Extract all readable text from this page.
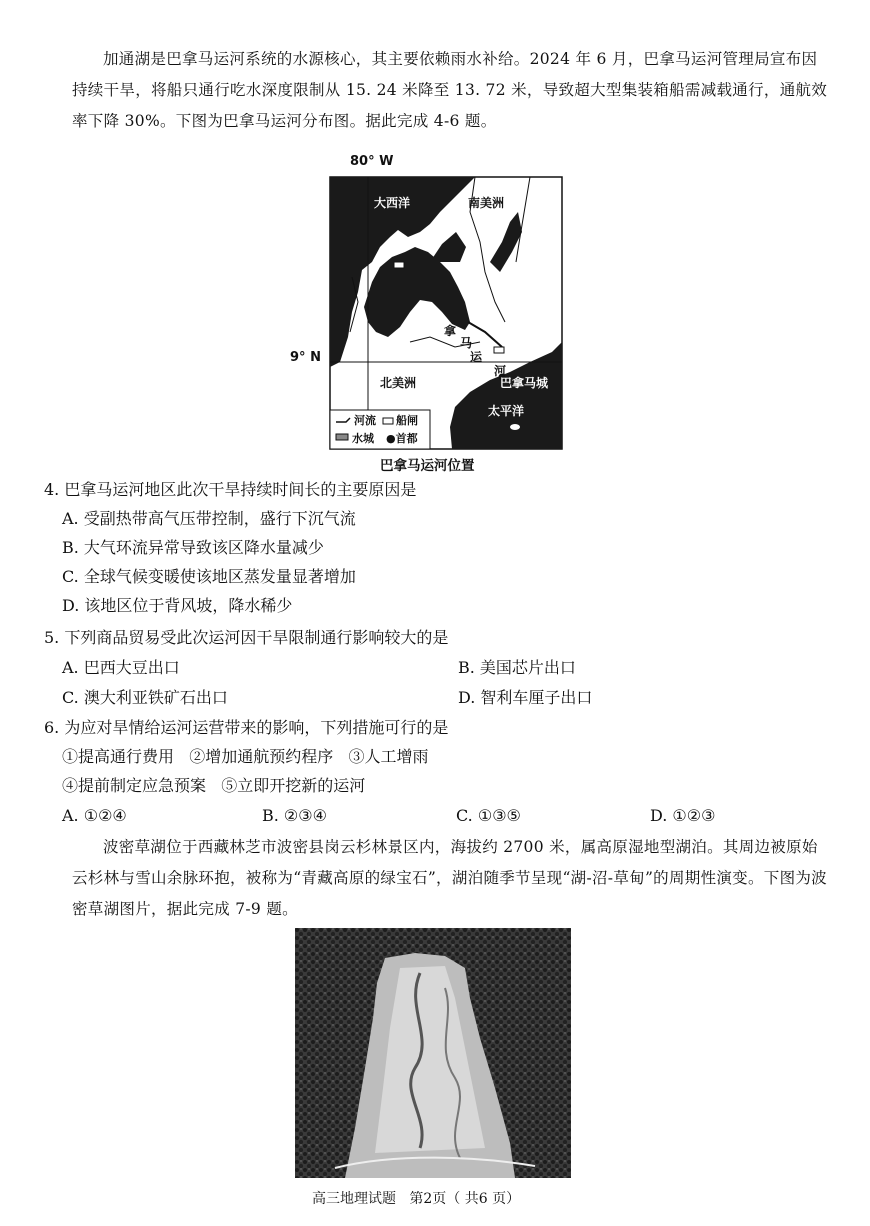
加通湖是巴拿马运河系统的水源核心，其主要依赖雨水补给。2024 年 6 月，巴拿马运河管理局宣布因持续干旱，将船只通行吃水深度限制从 15. 24 米降至 13. 72 米，导致超大型集装箱船需减载通行，通航效率下降 30%。下图为巴拿马运河分布图。据此完成 4-6 题。
80° W
9° N
大西洋	南美洲
北美洲
太平洋
巴拿马城
拿
马
运
河
河流 船闸
水城 ●首都
巴拿马运河位置
4. 巴拿马运河地区此次干旱持续时间长的主要原因是
A. 受副热带高气压带控制，盛行下沉气流
B. 大气环流异常导致该区降水量减少
C. 全球气候变暖使该地区蒸发量显著增加
D. 该地区位于背风坡，降水稀少
5. 下列商品贸易受此次运河因干旱限制通行影响较大的是
A. 巴西大豆出口	B. 美国芯片出口
C. 澳大利亚铁矿石出口	D. 智利车厘子出口
6. 为应对旱情给运河运营带来的影响，下列措施可行的是
①提高通行费用   ②增加通航预约程序   ③人工增雨
④提前制定应急预案   ⑤立即开挖新的运河
A. ①②④	B. ②③④	C. ①③⑤	D. ①②③
波密草湖位于西藏林芝市波密县岗云杉林景区内，海拔约 2700 米，属高原湿地型湖泊。其周边被原始云杉林与雪山余脉环抱，被称为“青藏高原的绿宝石”，湖泊随季节呈现“湖-沼-草甸”的周期性演变。下图为波密草湖图片，据此完成 7-9 题。
高三地理试题   第2页（ 共6 页）
